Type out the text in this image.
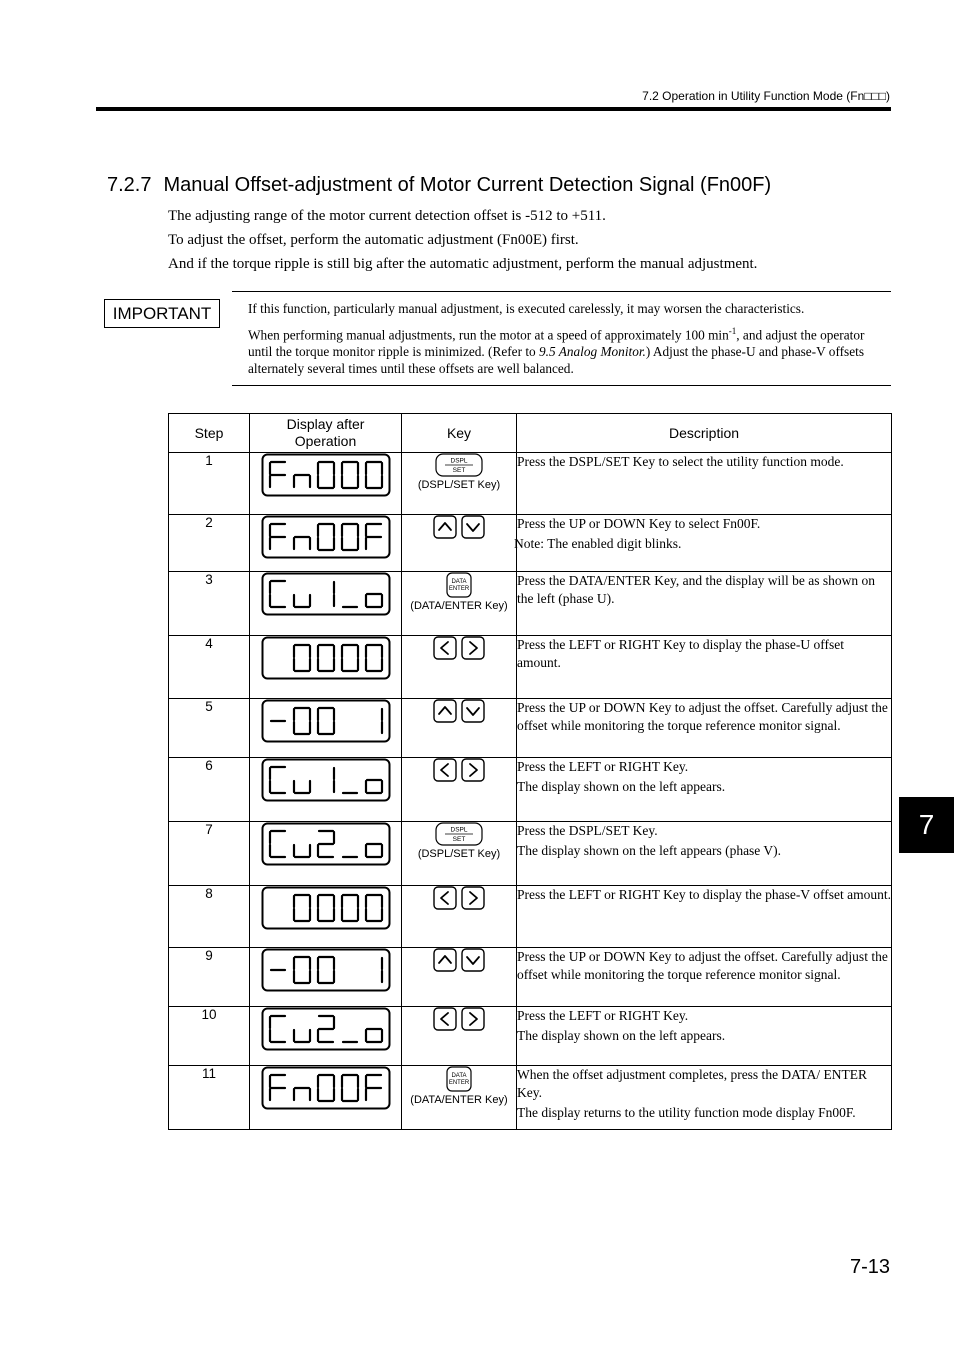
7.2 Operation in Utility Function Mode (Fn□□□)
7.2.7 Manual Offset-adjustment of Motor Current Detection Signal (Fn00F)
The adjusting range of the motor current detection offset is -512 to +511.
To adjust the offset, perform the automatic adjustment (Fn00E) first.
And if the torque ripple is still big after the automatic adjustment, perform the manual adjustment.
IMPORTANT	If this function, particularly manual adjustment, is executed carelessly, it may worsen the characteristics.
When performing manual adjustments, run the motor at a speed of approximately 100 $\min^{-1}$, and adjust the operator until the torque monitor ripple is minimized. (Refer to 9.5 Analog Monitor.) Adjust the phase-U and phase-V offsets alternately several times until these offsets are well balanced.
Step	Display after
Operation	Key	Description
1		DSPL
SET
(DSPL/SET Key)	Press the DSPL/SET Key to select the utility function mode.

2			Press the UP or DOWN Key to select Fn00F.
Note: The enabled digit blinks.

3		DATA
ENTER
(DATA/ENTER Key)	Press the DATA/ENTER Key, and the display will be as shown on the left (phase U).

4			Press the LEFT or RIGHT Key to display the phase-U offset amount.

5			Press the UP or DOWN Key to adjust the offset. Carefully adjust the offset while monitoring the torque reference monitor signal.

6			Press the LEFT or RIGHT Key.
The display shown on the left appears.

7		DSPL
SET
(DSPL/SET Key)	Press the DSPL/SET Key.
The display shown on the left appears (phase V).

8			Press the LEFT or RIGHT Key to display the phase-V offset amount.

9			Press the UP or DOWN Key to adjust the offset. Carefully adjust the offset while monitoring the torque reference monitor signal.

10			Press the LEFT or RIGHT Key.
The display shown on the left appears.

11		DATA
ENTER
(DATA/ENTER Key)	When the offset adjustment completes, press the DATA/ ENTER Key.
The display returns to the utility function mode display Fn00F.
7
7-13
